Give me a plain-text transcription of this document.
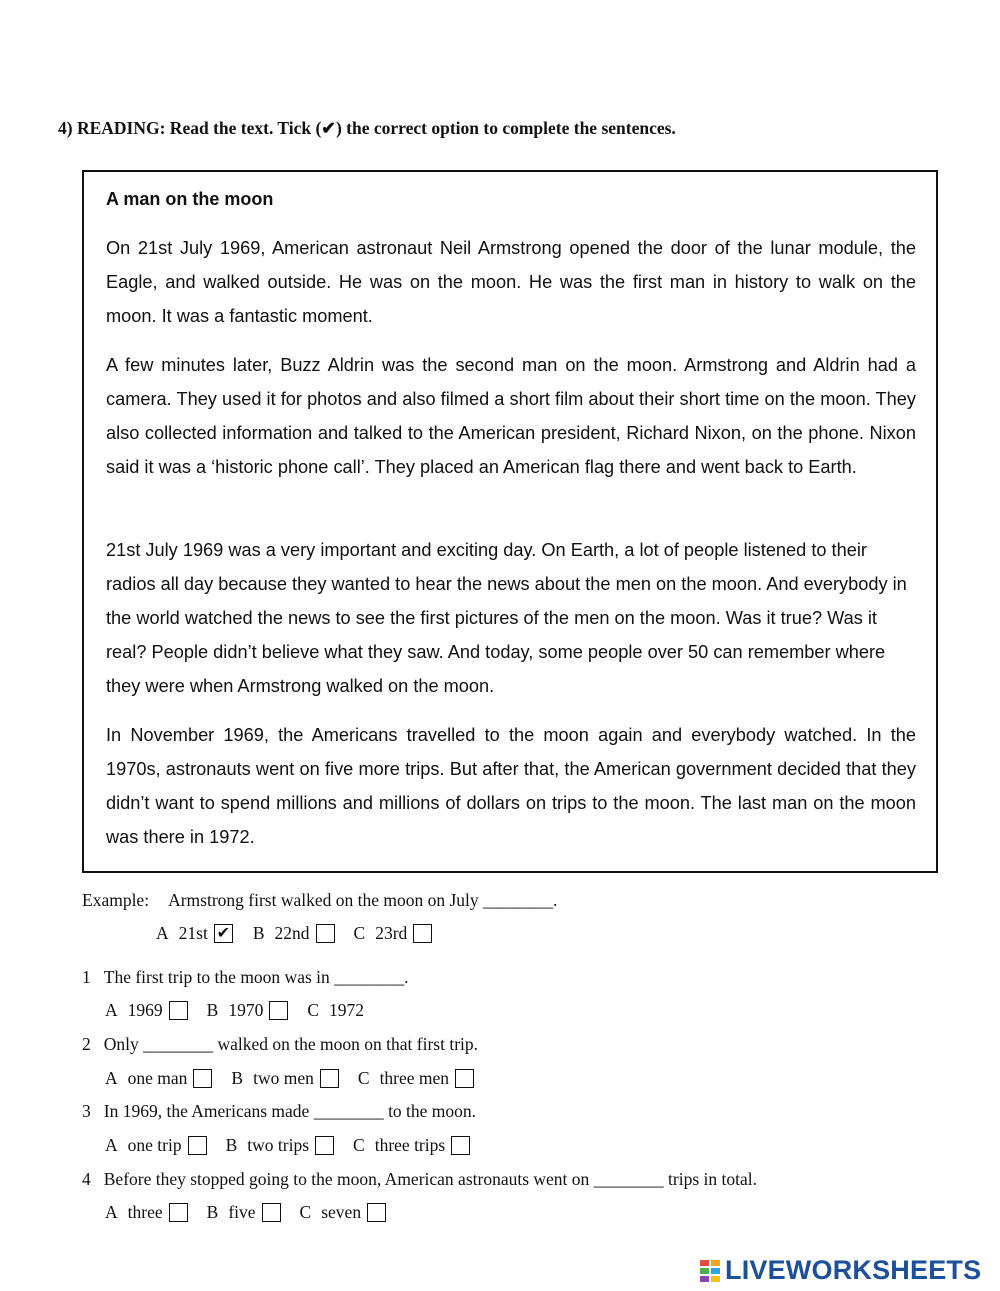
4) READING: Read the text. Tick (✔) the correct option to complete the sentences.
A man on the moon

On 21st July 1969, American astronaut Neil Armstrong opened the door of the lunar module, the Eagle, and walked outside. He was on the moon. He was the first man in history to walk on the moon. It was a fantastic moment.

A few minutes later, Buzz Aldrin was the second man on the moon. Armstrong and Aldrin had a camera. They used it for photos and also filmed a short film about their short time on the moon. They also collected information and talked to the American president, Richard Nixon, on the phone. Nixon said it was a ‘historic phone call’. They placed an American flag there and went back to Earth.

21st July 1969 was a very important and exciting day. On Earth, a lot of people listened to their radios all day because they wanted to hear the news about the men on the moon. And everybody in the world watched the news to see the first pictures of the men on the moon. Was it true? Was it real? People didn’t believe what they saw. And today, some people over 50 can remember where they were when Armstrong walked on the moon.

In November 1969, the Americans travelled to the moon again and everybody watched. In the 1970s, astronauts went on five more trips. But after that, the American government decided that they didn’t want to spend millions and millions of dollars on trips to the moon. The last man on the moon was there in 1972.

Example: Armstrong first walked on the moon on July ________.
A 21st ✔ B 22nd	C 23rd
1 The first trip to the moon was in ________.
A 1969	B 1970	C 1972
2 Only ________ walked on the moon on that first trip.
A one man	B two men	C three men
3 In 1969, the Americans made ________ to the moon.
A one trip	B two trips	C three trips
4 Before they stopped going to the moon, American astronauts went on ________ trips in total.
A three	B five	C seven
LIVEWORKSHEETS
